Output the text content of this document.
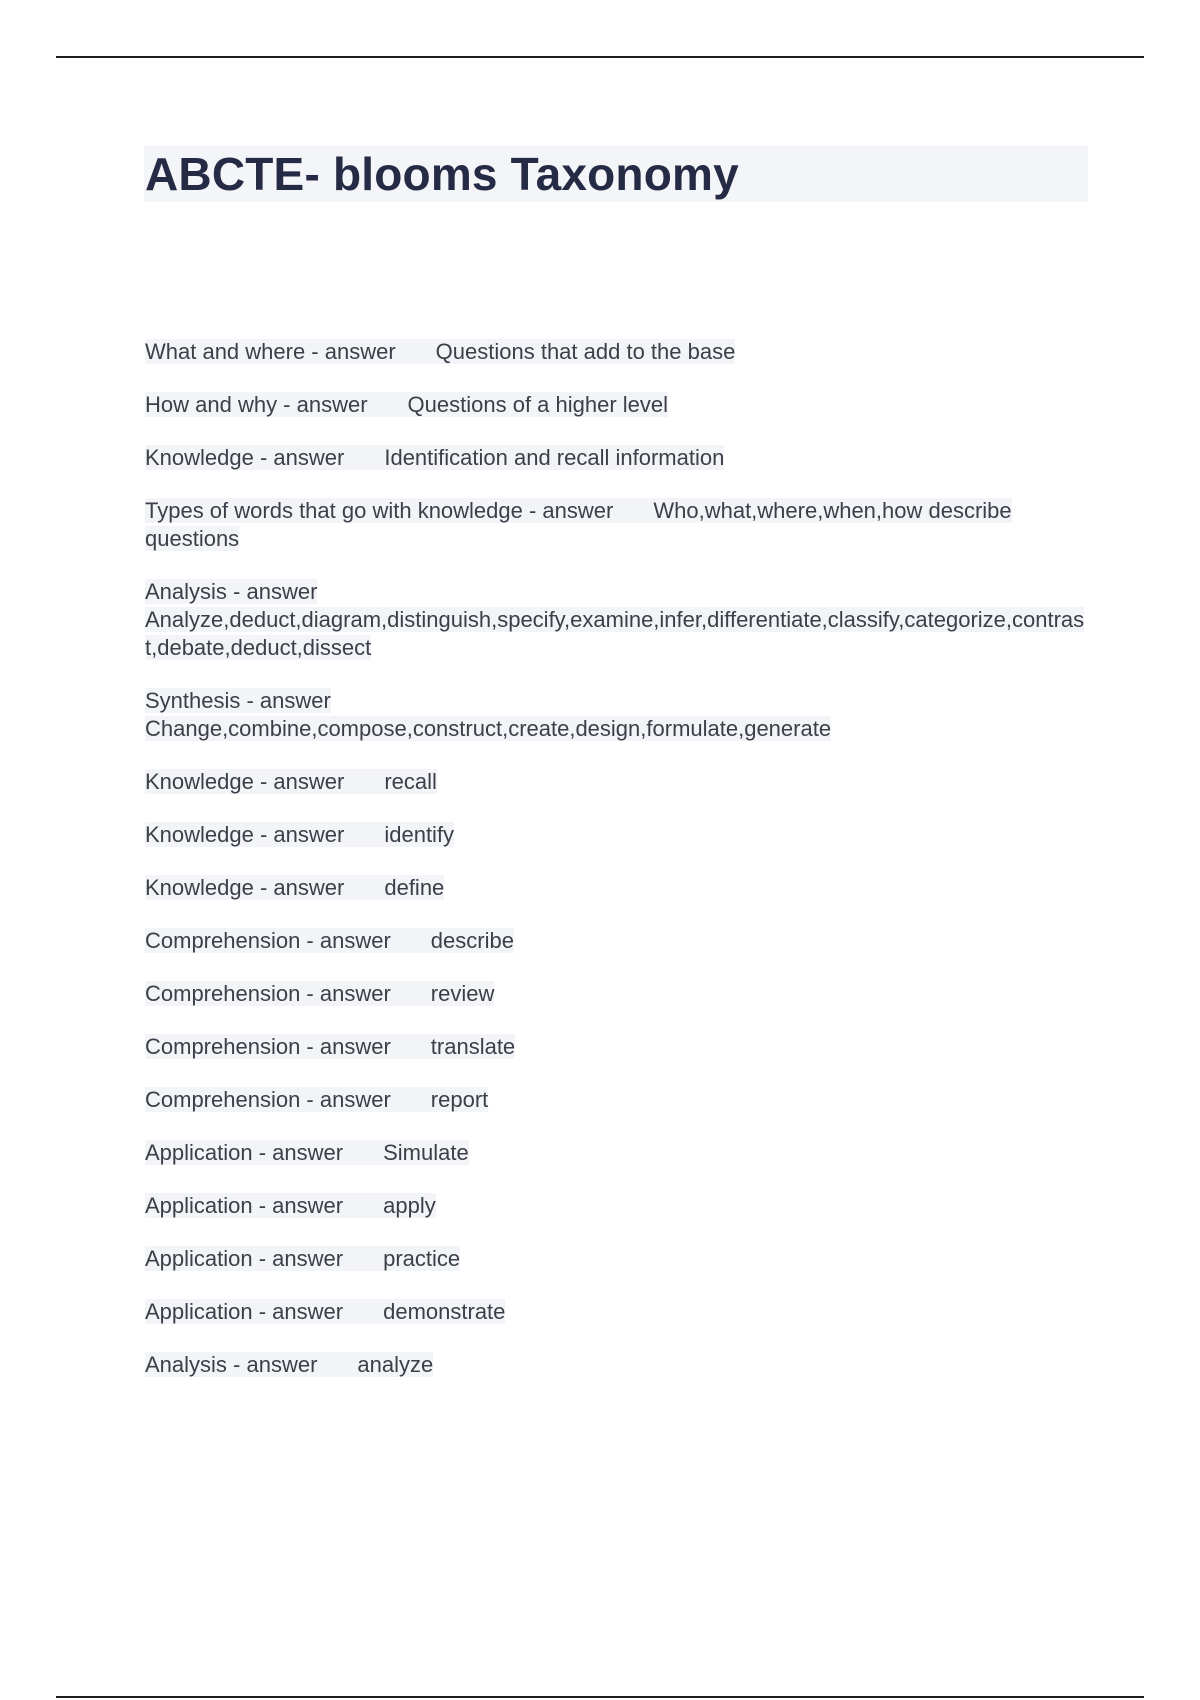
ABCTE- blooms Taxonomy
What and where - answer Questions that add to the base
How and why - answer Questions of a higher level
Knowledge - answer Identification and recall information
Types of words that go with knowledge - answer Who,what,where,when,how describe questions
Analysis - answer
Analyze,deduct,diagram,distinguish,specify,examine,infer,differentiate,classify,categorize,contrast,debate,deduct,dissect
Synthesis - answer
Change,combine,compose,construct,create,design,formulate,generate
Knowledge - answer recall
Knowledge - answer identify
Knowledge - answer define
Comprehension - answer describe
Comprehension - answer review
Comprehension - answer translate
Comprehension - answer report
Application - answer Simulate
Application - answer apply
Application - answer practice
Application - answer demonstrate
Analysis - answer analyze
